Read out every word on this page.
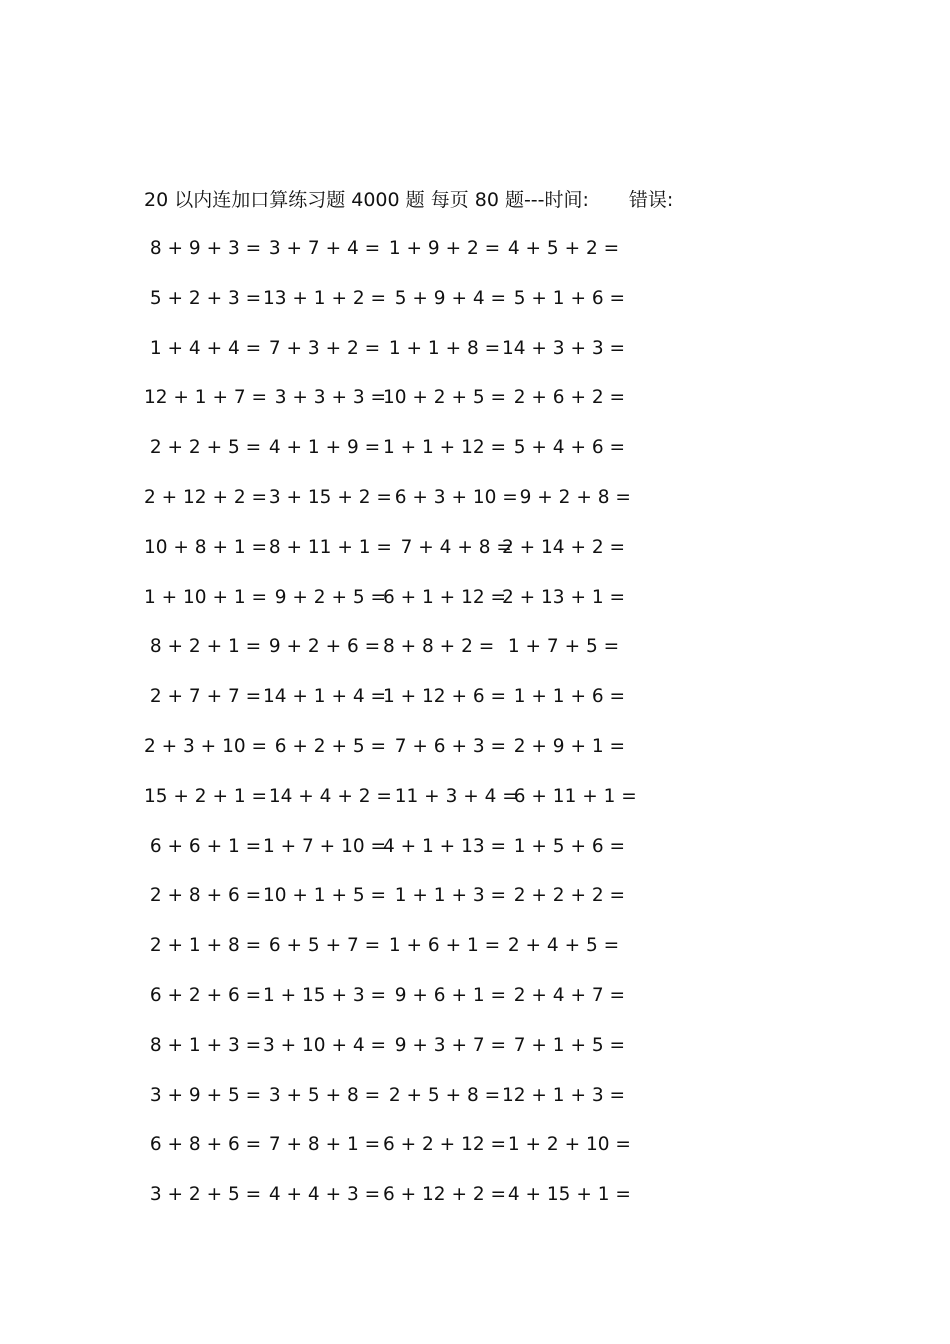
20 以内连加口算练习题 4000 题 每页 80 题---时间: 错误:
8 + 9 + 3 = 3 + 7 + 4 = 1 + 9 + 2 = 4 + 5 + 2 =
5 + 2 + 3 = 13 + 1 + 2 =
5 + 9 + 4 =
5 + 1 + 6 =
1 + 4 + 4 = 7 + 3 + 2 = 1 + 1 + 8 = 14 + 3 + 3 =
12 + 1 + 7 =
3 + 3 + 3 =
10 + 2 + 5 =
2 + 6 + 2 =
2 + 2 + 5 = 4 + 1 + 9 = 1 + 1 + 12 =
5 + 4 + 6 =
2 + 12 + 2 =
3 + 15 + 2 =
6 + 3 + 10 =
9 + 2 + 8 =
10 + 8 + 1 =
8 + 11 + 1 =
7 + 4 + 8 =
2 + 14 + 2 =
1 + 10 + 1 =
9 + 2 + 5 =
6 + 1 + 12 =
2 + 13 + 1 =
8 + 2 + 1 = 9 + 2 + 6 = 8 + 8 + 2 = 1 + 7 + 5 =
2 + 7 + 7 = 14 + 1 + 4 =
1 + 12 + 6 =
1 + 1 + 6 =
2 + 3 + 10 =
6 + 2 + 5 =
7 + 6 + 3 =
2 + 9 + 1 =
15 + 2 + 1 =
14 + 4 + 2 =
11 + 3 + 4 =
6 + 11 + 1 =
6 + 6 + 1 = 1 + 7 + 10 =
4 + 1 + 13 =
1 + 5 + 6 =
2 + 8 + 6 = 10 + 1 + 5 =
1 + 1 + 3 =
2 + 2 + 2 =
2 + 1 + 8 = 6 + 5 + 7 = 1 + 6 + 1 = 2 + 4 + 5 =
6 + 2 + 6 = 1 + 15 + 3 =
9 + 6 + 1 =
2 + 4 + 7 =
8 + 1 + 3 = 3 + 10 + 4 =
9 + 3 + 7 =
7 + 1 + 5 =
3 + 9 + 5 = 3 + 5 + 8 = 2 + 5 + 8 = 12 + 1 + 3 =
6 + 8 + 6 = 7 + 8 + 1 = 6 + 2 + 12 =
1 + 2 + 10 =
3 + 2 + 5 = 4 + 4 + 3 = 6 + 12 + 2 =
4 + 15 + 1 =
